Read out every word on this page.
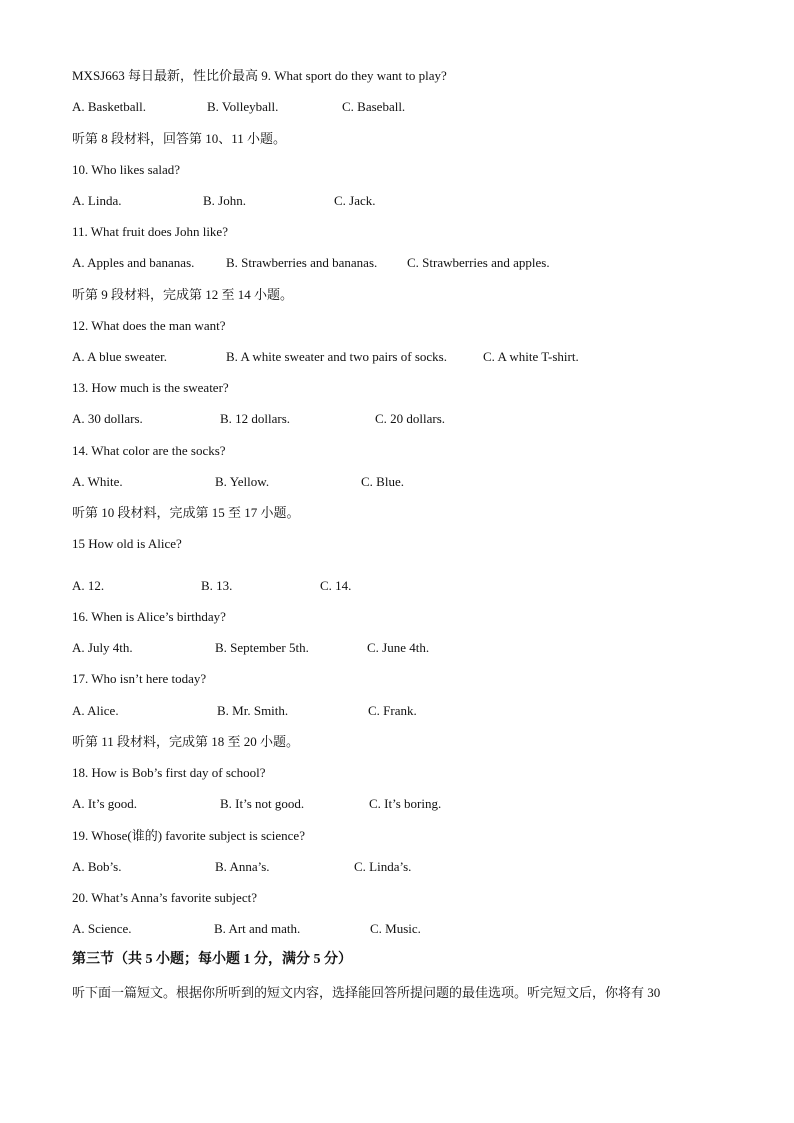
MXSJ663 每日最新，性比价最高 9. What sport do they want to play?
A. Basketball.	B. Volleyball.	C. Baseball.
听第 8 段材料，回答第 10、11 小题。
10. Who likes salad?
A. Linda.	B. John.	C. Jack.
11. What fruit does John like?
A. Apples and bananas. B. Strawberries and bananas. C. Strawberries and apples.
听第 9 段材料，完成第 12 至 14 小题。
12. What does the man want?
A. A blue sweater.	B. A white sweater and two pairs of socks.	C. A white T-shirt.
13. How much is the sweater?
A. 30 dollars.	B. 12 dollars.	C. 20 dollars.
14. What color are the socks?
A. White.	B. Yellow.	C. Blue.
听第 10 段材料，完成第 15 至 17 小题。
15 How old is Alice?
A. 12.	B. 13.	C. 14.
16. When is Alice’s birthday?
A. July 4th.	B. September 5th.	C. June 4th.
17. Who isn’t here today?
A. Alice.	B. Mr. Smith.	C. Frank.
听第 11 段材料，完成第 18 至 20 小题。
18. How is Bob’s first day of school?
A. It’s good.	B. It’s not good.	C. It’s boring.
19. Whose(谁的) favorite subject is science?
A. Bob’s.	B. Anna’s.	C. Linda’s.
20. What’s Anna’s favorite subject?
A. Science.	B. Art and math.	C. Music.
第三节（共 5 小题；每小题 1 分，满分 5 分）
听下面一篇短文。根据你所听到的短文内容，选择能回答所提问题的最佳选项。听完短文后，你将有 30
